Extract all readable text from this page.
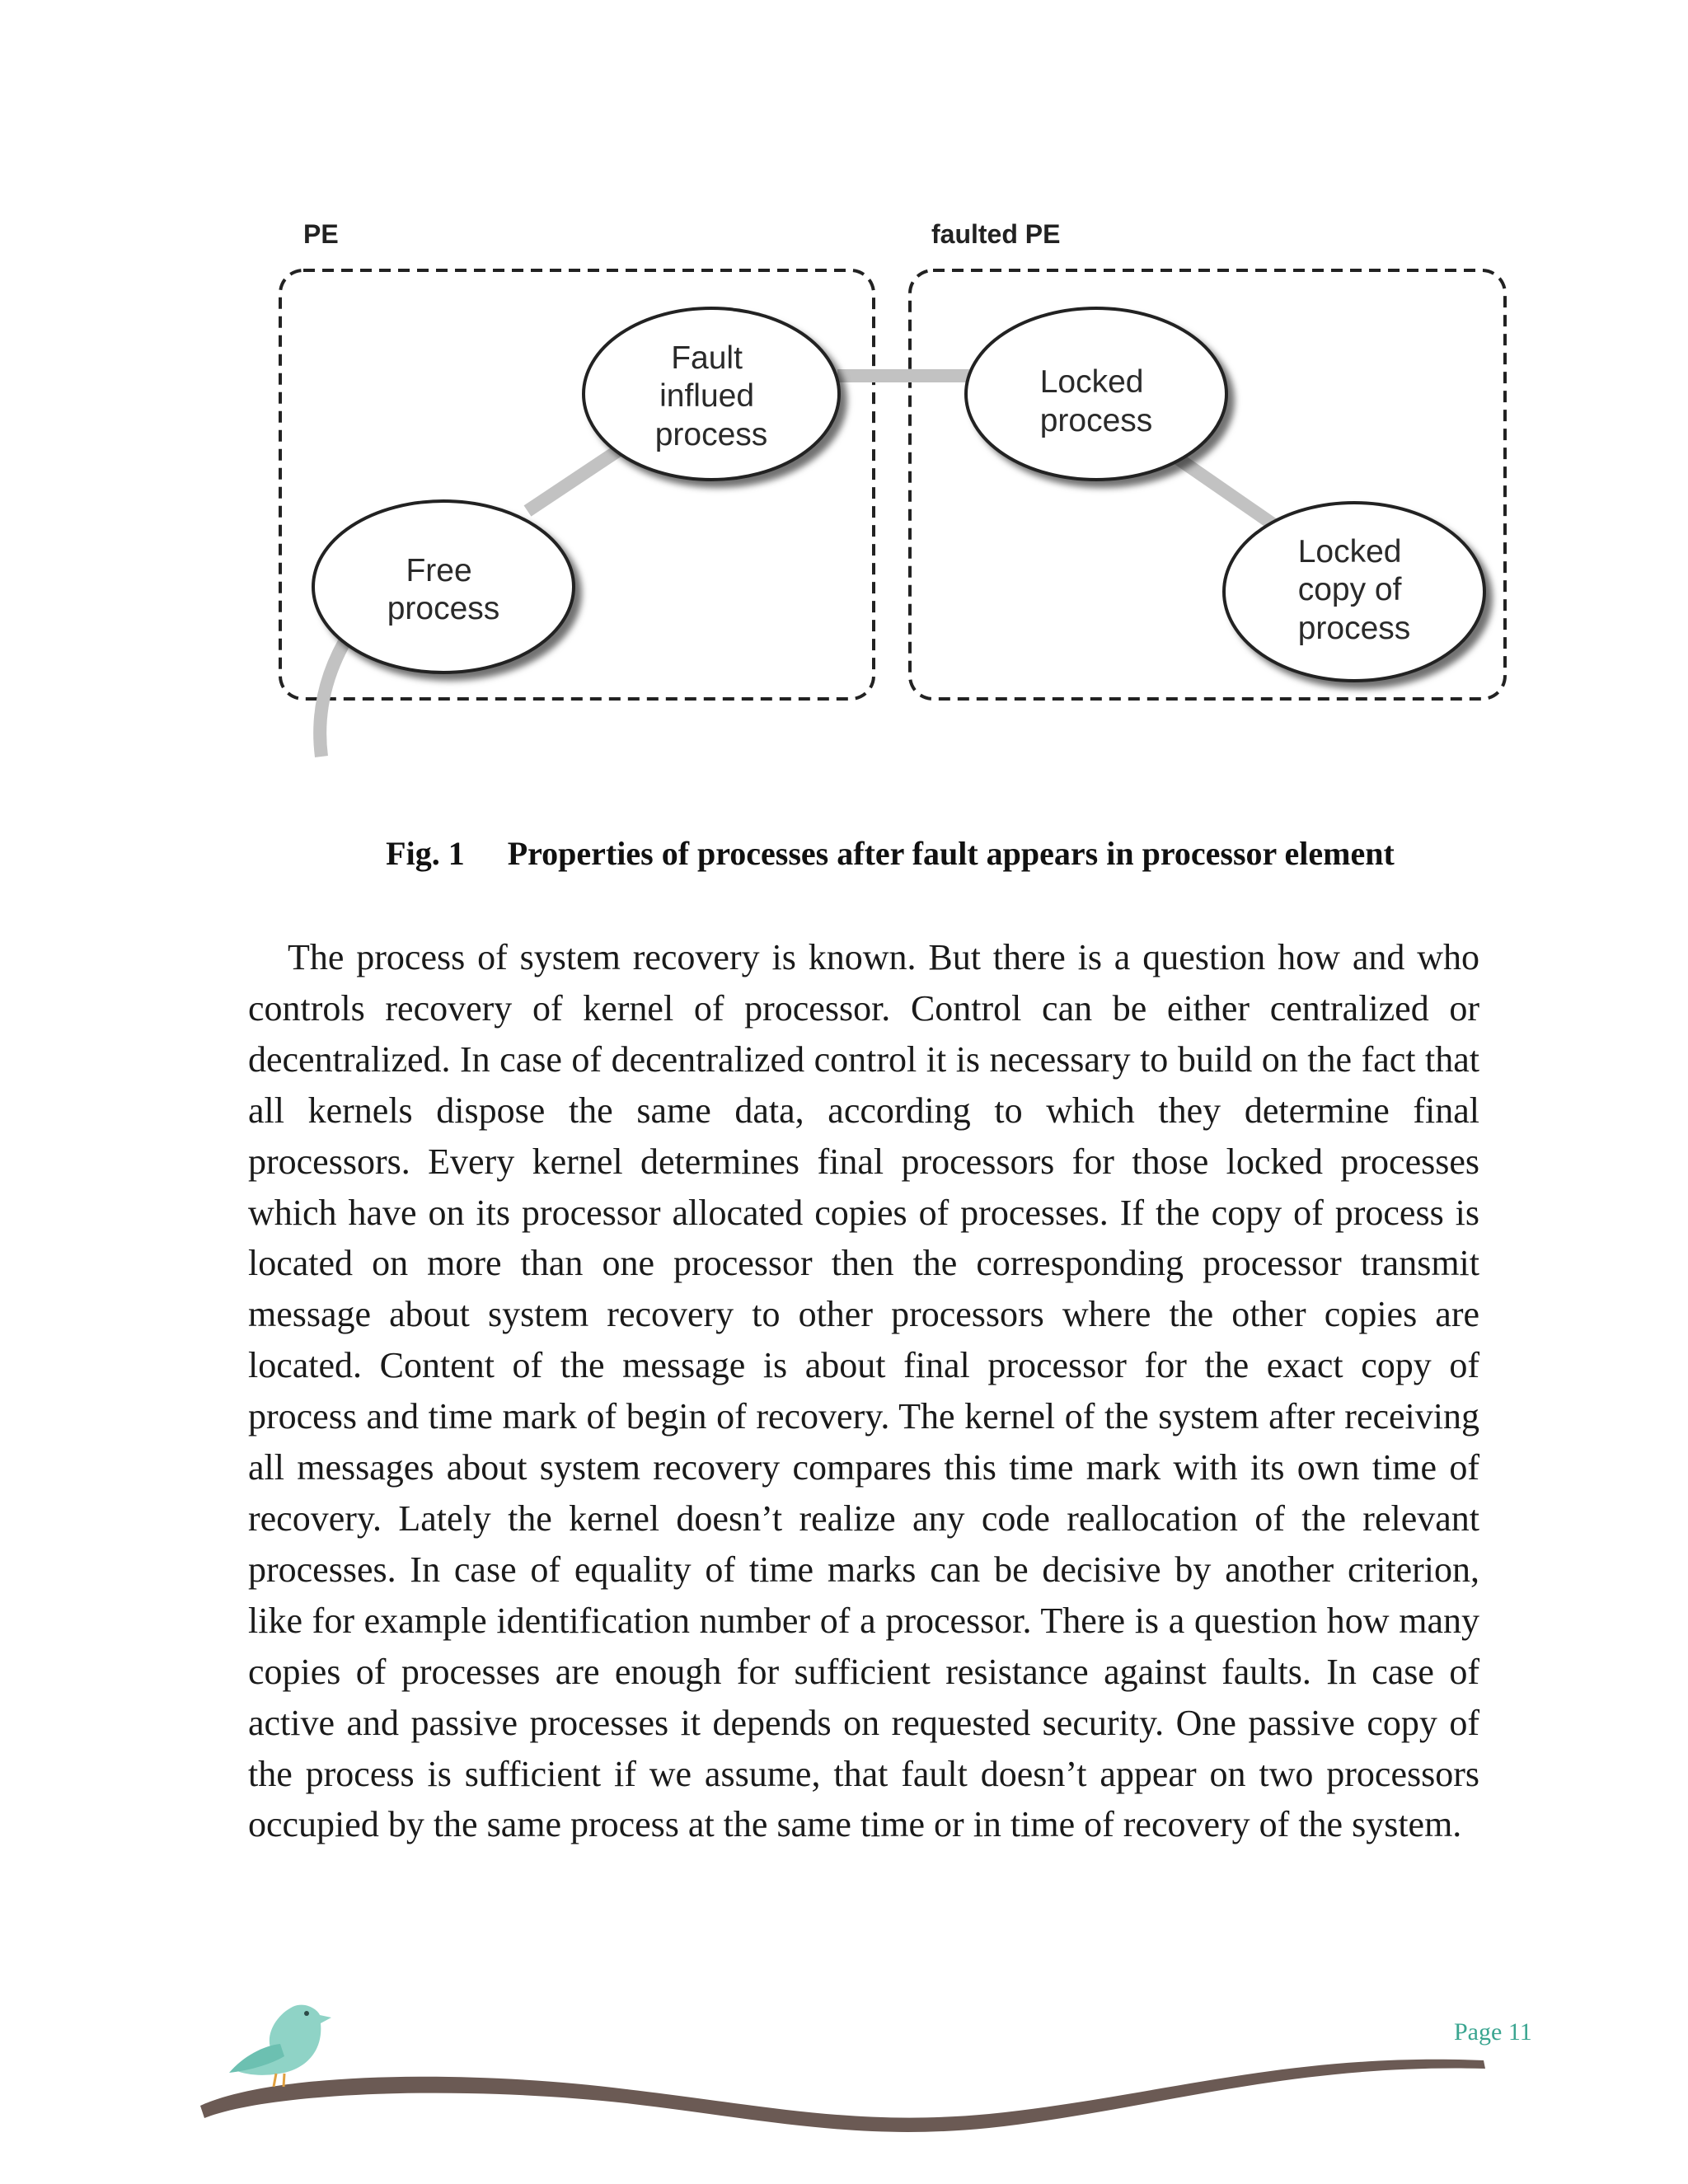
PE	faulted PE
Fault influed process
Free process
Locked process
Locked copy of process
Fig. 1 Properties of processes after fault appears in processor element

The process of system recovery is known. But there is a question how and who controls recovery of kernel of processor. Control can be either centralized or decentralized. In case of decentralized control it is necessary to build on the fact that all kernels dispose the same data, according to which they determine final processors. Every kernel determines final processors for those locked processes which have on its processor allocated copies of processes. If the copy of process is located on more than one processor then the corresponding processor transmit message about system recovery to other processors where the other copies are located. Content of the message is about final processor for the exact copy of process and time mark of begin of recovery. The kernel of the system after receiving all messages about system recovery compares this time mark with its own time of recovery. Lately the kernel doesn’t realize any code reallocation of the relevant processes. In case of equality of time marks can be decisive by another criterion, like for example identification number of a processor. There is a question how many copies of processes are enough for sufficient resistance against faults. In case of active and passive processes it depends on requested security. One passive copy of the process is sufficient if we assume, that fault doesn’t appear on two processors occupied by the same process at the same time or in time of recovery of the system.

Page 11
